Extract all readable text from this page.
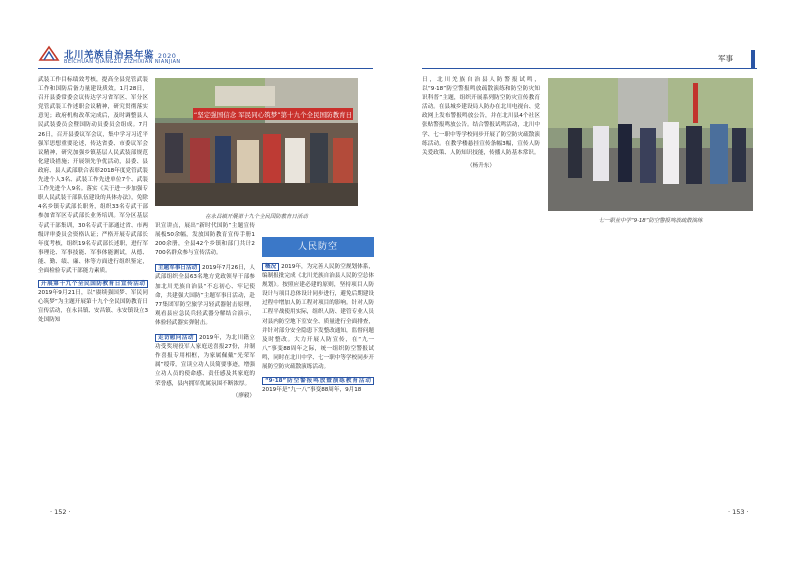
北川羌族自治县年鉴 2020
BEICHUAN QIANGZU ZIZHIXIAN NIANJIAN	军事

武装工作目标绩效考核，提高全县党管武装工作和国防后备力量建设质效。1月28日，召开县委常委会议传达学习省军区、军分区党管武装工作述职会议精神，研究贯彻落实意见；政府机构改革完成后，及时调整县人民武装委员会暨国防动员委员会组成。7月26日，召开县委议军会议，集中学习习近平强军思想重要论述，传达省委、市委议军会议精神，研究加强乡镇基层人民武装部规范化建设措施；开展领先争优活动，县委、县政府、县人武部联合表彰2018年度党管武装先进个人3名、武装工作先进单位7个、武装工作先进个人9名。落实《关于进一步加强专职人民武装干部队伍建设的具体办法》，免除4名乡镇专武部长职务，组织33名专武干部参加省军区专武部长业务培训。军分区基层专武干部集训，30名专武干部通过省、市两级评审委员会资格认证；严格开展专武部长年度考核，组织19名专武部长述职，进行军事理论、军事技能、军事体能测试，从德、能、勤、绩、廉、体等方面进行组织鉴定，全面检验专武干部能力素质。

开展第十九个全民国防教育日宣传活动 2019年9月21日，以“赓续强国梦、军民同心筑梦”为主题开展第十九个全民国防教育日宣传活动，在永昌镇、安昌镇、永安镇设立3处国防知
“坚定强国信念 军民同心筑梦”第十九个全民国防教育日
在永昌镇开展第十九个全民国防教育日活动

识宣讲点，展出“新时代国防”主题宣传展板50余幅，发放国防教育宣传手册1 200余册，全县42个乡镇和部门共计2 700名群众参与宣传活动。

主题军事日活动 2019年7月26日，人武部组织全县63名地方党政领导干部参加北川羌族自治县“不忘初心、牢记使命，共建强大国防”主题军事日活动，赴77集团军防空旅学习轻武器射击原理，观看县应急民兵轻武器分解结合演示，体验轻武器实弹射击。
走访慰问活动 2019年，为北川籍立功受奖现役军人家庭送喜报27份，并制作喜报专用相框，为家属佩戴“光荣军属”绶带，宣读立功人员简要事迹，增强立功人员的使命感、责任感及其家庭的荣誉感，县内拥军优属氛围不断浓厚。
（廖毅）
人民防空
概况 2019年，为完善人民防空规划体系，编制报批完成《北川羌族自治县人民防空总体规划》。按照应建必建的原则，坚持项目人防设计与项目总体设计同步进行，避免后期建设过程中增加人防工程对项目的影响。针对人防工程平战使用实际，组织人防、建管专业人员对县内防空地下室安全、质量进行全面排查，并针对部分安全隐患下发整改通知，监督问题及时整改。大力开展人防宣传，在“九一八”事变88周年之际，统一组织防空警报试鸣，同时在北川中学、七一职中等学校同步开展防空防灾疏散演练活动。
“9·18”防空警报鸣放暨演练教育活动 2019年是“九一八”事变88周年，9月18

日，北川羌族自治县人防警报试鸣，以“9·18”防空警报鸣放疏散演练和防空防灾知识科普”主题，组织开展系列防空防灾宣传教育活动。在县城乡建设局人防办在北川电视台、党政网上发布警报鸣放公告，并在北川县4个社区张贴警报鸣放公告。结合警报试鸣活动，北川中学、七一职中等学校同步开展了防空防灾疏散演练活动。在教学楼悬挂宣传条幅3幅，宣传人防关爱政策、人防知识技能，传播人防基本常识。

（杨升东）
七一职业中学“9·18”防空警报鸣放疏散演练
· 152 ·	· 153 ·
